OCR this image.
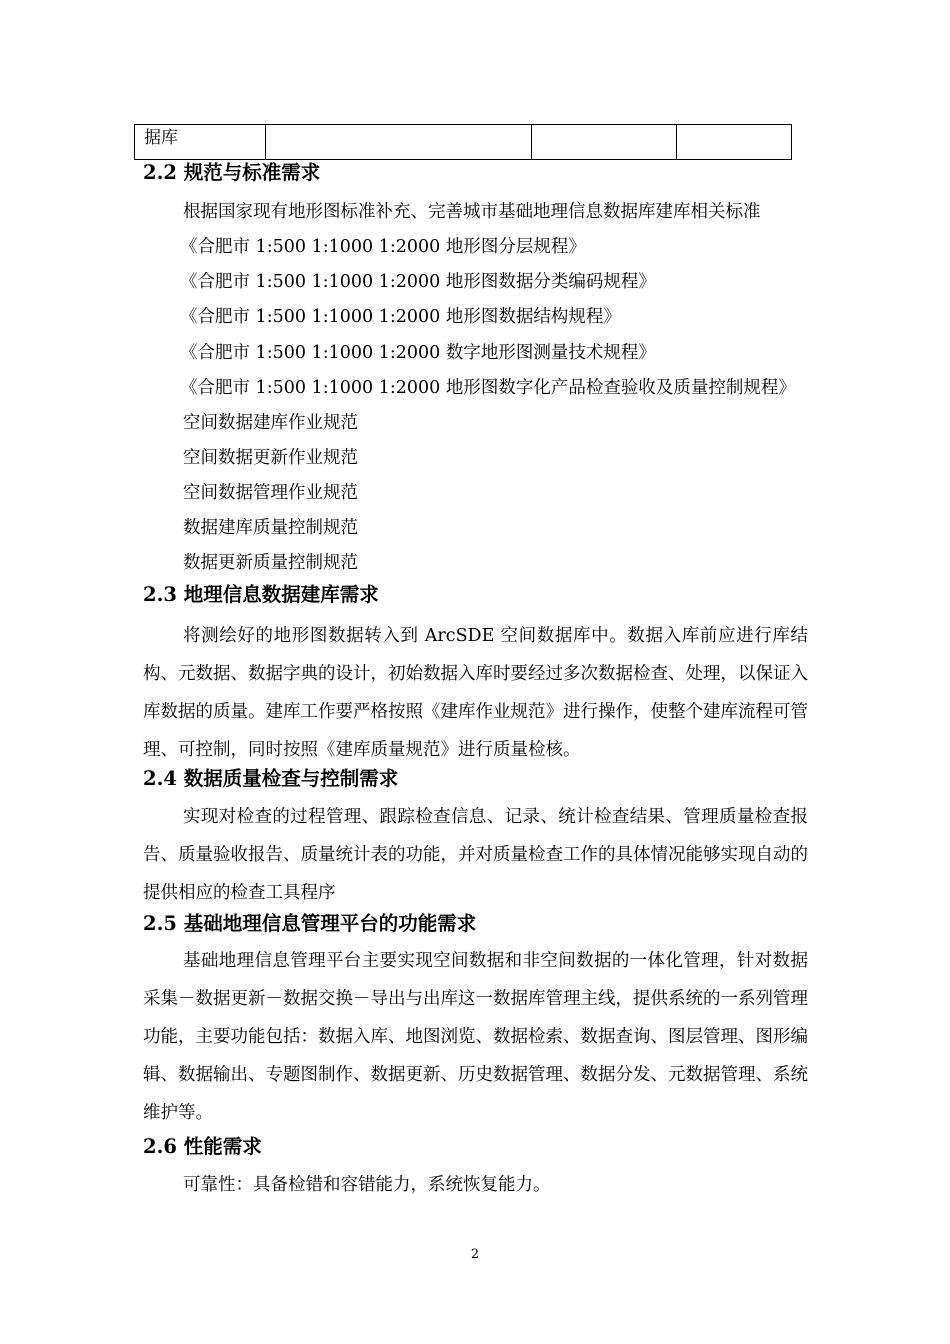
据库			
2.2 规范与标准需求
根据国家现有地形图标准补充、完善城市基础地理信息数据库建库相关标准
《合肥市 1:500 1:1000 1:2000 地形图分层规程》
《合肥市 1:500 1:1000 1:2000 地形图数据分类编码规程》
《合肥市 1:500 1:1000 1:2000 地形图数据结构规程》
《合肥市 1:500 1:1000 1:2000 数字地形图测量技术规程》
《合肥市 1:500 1:1000 1:2000 地形图数字化产品检查验收及质量控制规程》
空间数据建库作业规范
空间数据更新作业规范
空间数据管理作业规范
数据建库质量控制规范
数据更新质量控制规范
2.3 地理信息数据建库需求
将测绘好的地形图数据转入到 ArcSDE 空间数据库中。数据入库前应进行库结构、元数据、数据字典的设计，初始数据入库时要经过多次数据检查、处理，以保证入库数据的质量。建库工作要严格按照《建库作业规范》进行操作，使整个建库流程可管理、可控制，同时按照《建库质量规范》进行质量检核。
2.4 数据质量检查与控制需求
实现对检查的过程管理、跟踪检查信息、记录、统计检查结果、管理质量检查报告、质量验收报告、质量统计表的功能，并对质量检查工作的具体情况能够实现自动的提供相应的检查工具程序
2.5 基础地理信息管理平台的功能需求
基础地理信息管理平台主要实现空间数据和非空间数据的一体化管理，针对数据采集－数据更新－数据交换－导出与出库这一数据库管理主线，提供系统的一系列管理功能，主要功能包括：数据入库、地图浏览、数据检索、数据查询、图层管理、图形编辑、数据输出、专题图制作、数据更新、历史数据管理、数据分发、元数据管理、系统维护等。
2.6 性能需求
可靠性：具备检错和容错能力，系统恢复能力。
2
